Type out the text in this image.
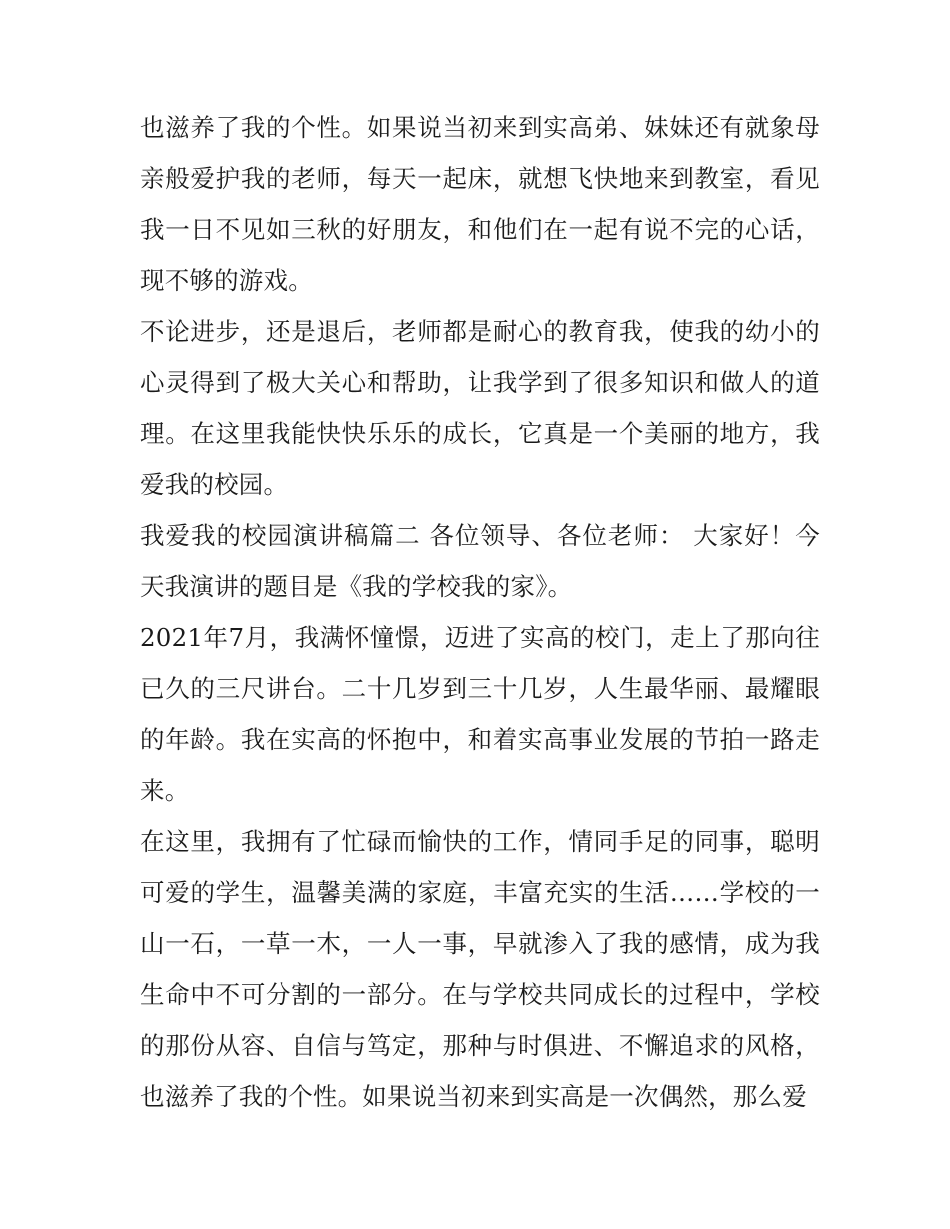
也滋养了我的个性。如果说当初来到实高弟、妹妹还有就象母亲般爱护我的老师，每天一起床，就想飞快地来到教室，看见我一日不见如三秋的好朋友，和他们在一起有说不完的心话，现不够的游戏。

不论进步，还是退后，老师都是耐心的教育我，使我的幼小的心灵得到了极大关心和帮助，让我学到了很多知识和做人的道理。在这里我能快快乐乐的成长，它真是一个美丽的地方，我爱我的校园。

我爱我的校园演讲稿篇二 各位领导、各位老师： 大家好！今天我演讲的题目是《我的学校我的家》。

2021年7月，我满怀憧憬，迈进了实高的校门，走上了那向往已久的三尺讲台。二十几岁到三十几岁，人生最华丽、最耀眼的年龄。我在实高的怀抱中，和着实高事业发展的节拍一路走来。

在这里，我拥有了忙碌而愉快的工作，情同手足的同事，聪明可爱的学生，温馨美满的家庭，丰富充实的生活……学校的一山一石，一草一木，一人一事，早就渗入了我的感情，成为我生命中不可分割的一部分。在与学校共同成长的过程中，学校的那份从容、自信与笃定，那种与时俱进、不懈追求的风格，也滋养了我的个性。如果说当初来到实高是一次偶然，那么爱
